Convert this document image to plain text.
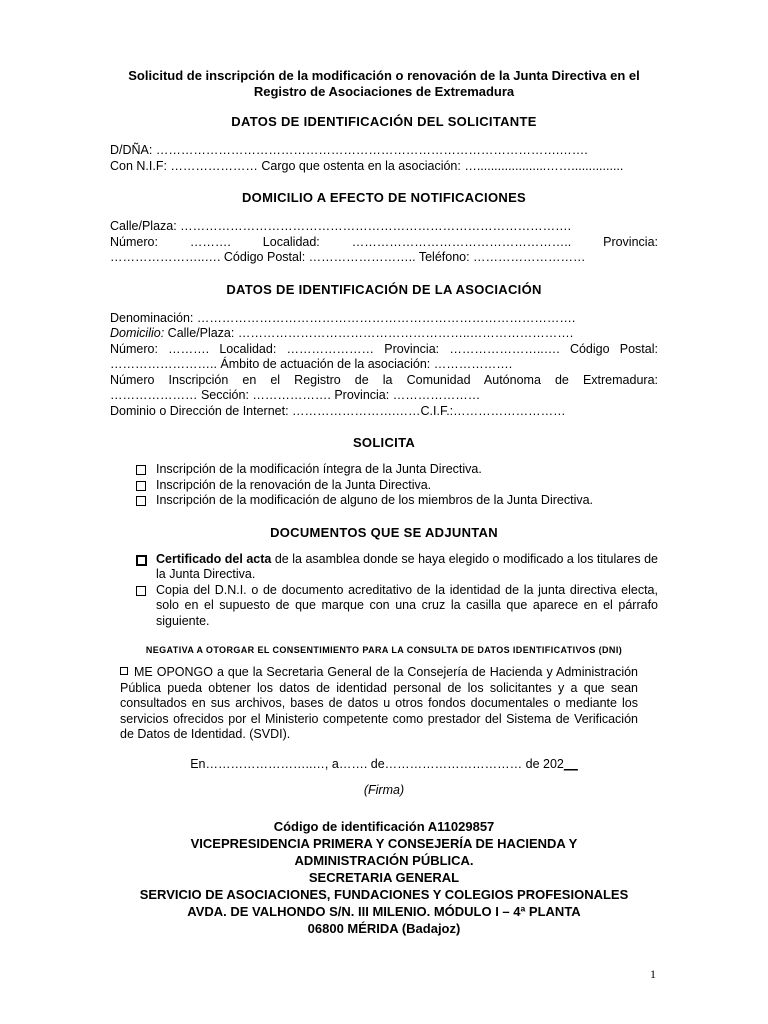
Solicitud de inscripción de la modificación o renovación de la Junta Directiva en el

Registro de Asociaciones de Extremadura

DATOS DE IDENTIFICACIÓN DEL SOLICITANTE

D/DÑA: …………………………………………………………………………………….…….

Con N.I.F: ………………… Cargo que ostenta en la asociación: …....................……...............

DOMICILIO A EFECTO DE NOTIFICACIONES

Calle/Plaza: ………………………………………………………………………………….

Número: ………. Localidad: …………………………………………….. Provincia:

…………………..…. Código Postal: …………………….. Teléfono: ………………………

DATOS DE IDENTIFICACIÓN DE LA ASOCIACIÓN

Denominación: ……………………………………………………………………………….

Domicilio: Calle/Plaza: ………………………………………………..…………………….

Número: ………. Localidad: ………………… Provincia: …………………..…. Código Postal:

…………………….. Ámbito de actuación de la asociación: ……………….

Número Inscripción en el Registro de la Comunidad Autónoma de Extremadura:

………………… Sección: ………………. Provincia: …………………

Dominio o Dirección de Internet: …………………….……C.I.F.:………………………

SOLICITA

Inscripción de la modificación íntegra de la Junta Directiva.
Inscripción de la renovación de la Junta Directiva.
Inscripción de la modificación de alguno de los miembros de la Junta Directiva.

DOCUMENTOS QUE SE ADJUNTAN

Certificado del acta de la asamblea donde se haya elegido o modificado a los titulares de la Junta Directiva.
Copia del D.N.I. o de documento acreditativo de la identidad de la junta directiva electa, solo en el supuesto de que marque con una cruz la casilla que aparece en el párrafo siguiente.

NEGATIVA A OTORGAR EL CONSENTIMIENTO PARA LA CONSULTA DE DATOS IDENTIFICATIVOS (DNI)

ME OPONGO a que la Secretaria General de la Consejería de Hacienda y Administración Pública pueda obtener los datos de identidad personal de los solicitantes y a que sean consultados en sus archivos, bases de datos u otros fondos documentales o mediante los servicios ofrecidos por el Ministerio competente como prestador del Sistema de Verificación de Datos de Identidad. (SVDI).

En……………………..…, a……. de…………………………… de 202__

(Firma)

Código de identificación A11029857

VICEPRESIDENCIA PRIMERA Y CONSEJERÍA DE HACIENDA Y

ADMINISTRACIÓN PÚBLICA.

SECRETARIA GENERAL

SERVICIO DE ASOCIACIONES, FUNDACIONES Y COLEGIOS PROFESIONALES

AVDA. DE VALHONDO S/N. III MILENIO. MÓDULO I – 4ª PLANTA

06800 MÉRIDA (Badajoz)

1
